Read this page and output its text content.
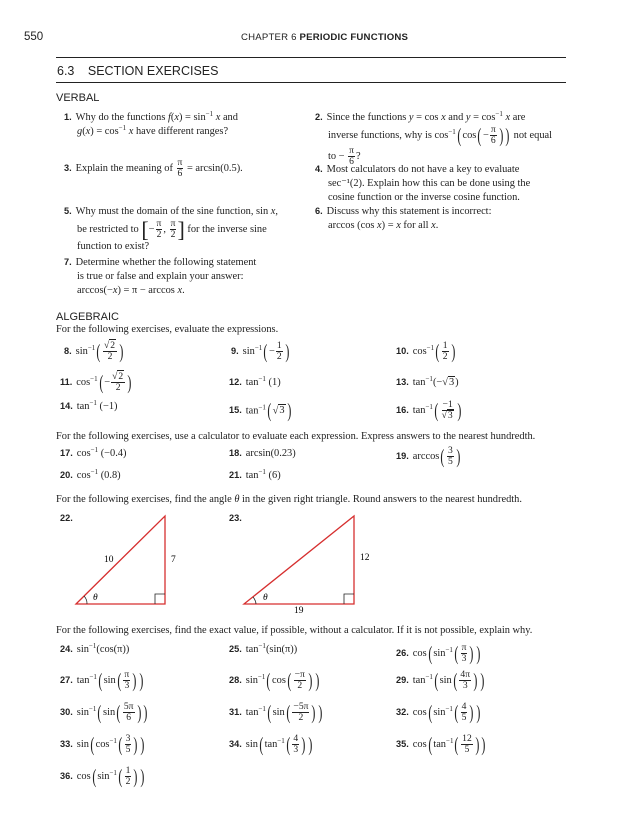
550	CHAPTER 6 PERIODIC FUNCTIONS
6.3 SECTION EXERCISES
VERBAL
1. Why do the functions $f(x) = \sin^{-1} x$ and
$g(x) = \cos^{-1} x$ have different ranges?
2. Since the functions y = cos x and $y = \cos^{-1} x$ are
inverse functions, why is $\cos^{-1}(\cos(- \frac{\pi}{6}$ ) ) not equal
to − $\frac{\pi}{6}$ ?
3. Explain the meaning of $\frac{\pi}{6} = \arcsin(0.5)$.	4. Most calculators do not have a key to evaluate
sec⁻¹(2). Explain how this can be done using the
cosine function or the inverse cosine function.
5. Why must the domain of the sine function, sin x,
be restricted to [− $\frac{\pi}{2}$ , $\frac{\pi}{2}$ ] for the inverse sine
function to exist?
6. Discuss why this statement is incorrect:
arccos (cos x) = x for all x.
7. Determine whether the following statement
is true or false and explain your answer:
arccos(−x) = π − arccos x.
ALGEBRAIC
For the following exercises, evaluate the expressions.
8. $\sin^{-1}( \frac{√2}{2}$ )	9. $\sin^{-1}(- \frac{1}{2}$ )	10. $\cos^{-1}( \frac{1}{2}$ )
11. $\cos^{-1}(- \frac{√2}{2}$ )	12. $\tan^{-1} (1)$	13. $\tan^{-1}(-√3)$
14. $\tan^{-1} (-1)$	15. $\tan^{-1}(√3$ )	16. $\tan^{-1}( \frac{-1}{√3}$ )
For the following exercises, use a calculator to evaluate each expression. Express answers to the nearest hundredth.
17. $\cos^{-1} (-0.4)$	18. arcsin(0.23)	19. $\arccos( \frac{3}{5}$ )
20. $\cos^{-1} (0.8)$	21. $\tan^{-1} (6)$
For the following exercises, find the angle θ in the given right triangle. Round answers to the nearest hundredth.
22.	23.
10	7
θ
12
19
θ
For the following exercises, find the exact value, if possible, without a calculator. If it is not possible, explain why.
24. $\sin^{-1}(\cos(\pi))$	25. $\tan^{-1}(\sin(\pi))$	26. $\cos(\sin^{-1}( \frac{\pi}{3}$ ) )
27. $\tan^{-1}(\sin( \frac{\pi}{3}$ ) )	28. $\sin^{-1}(\cos( \frac{-\pi}{2}$ ) )	29. $\tan^{-1}(\sin( \frac{4\pi}{3}$ ) )
30. $\sin^{-1}(\sin( \frac{5\pi}{6}$ ) )	31. $\tan^{-1}(\sin( \frac{-5\pi}{2}$ ) )	32. $\cos(\sin^{-1}( \frac{4}{5}$ ) )
33. $\sin(\cos^{-1}( \frac{3}{5}$ ) )	34. $\sin(\tan^{-1}( \frac{4}{3}$ ) )	35. $\cos(\tan^{-1}( \frac{12}{5}$ ) )
36. $\cos(\sin^{-1}( \frac{1}{2}$ ) )
